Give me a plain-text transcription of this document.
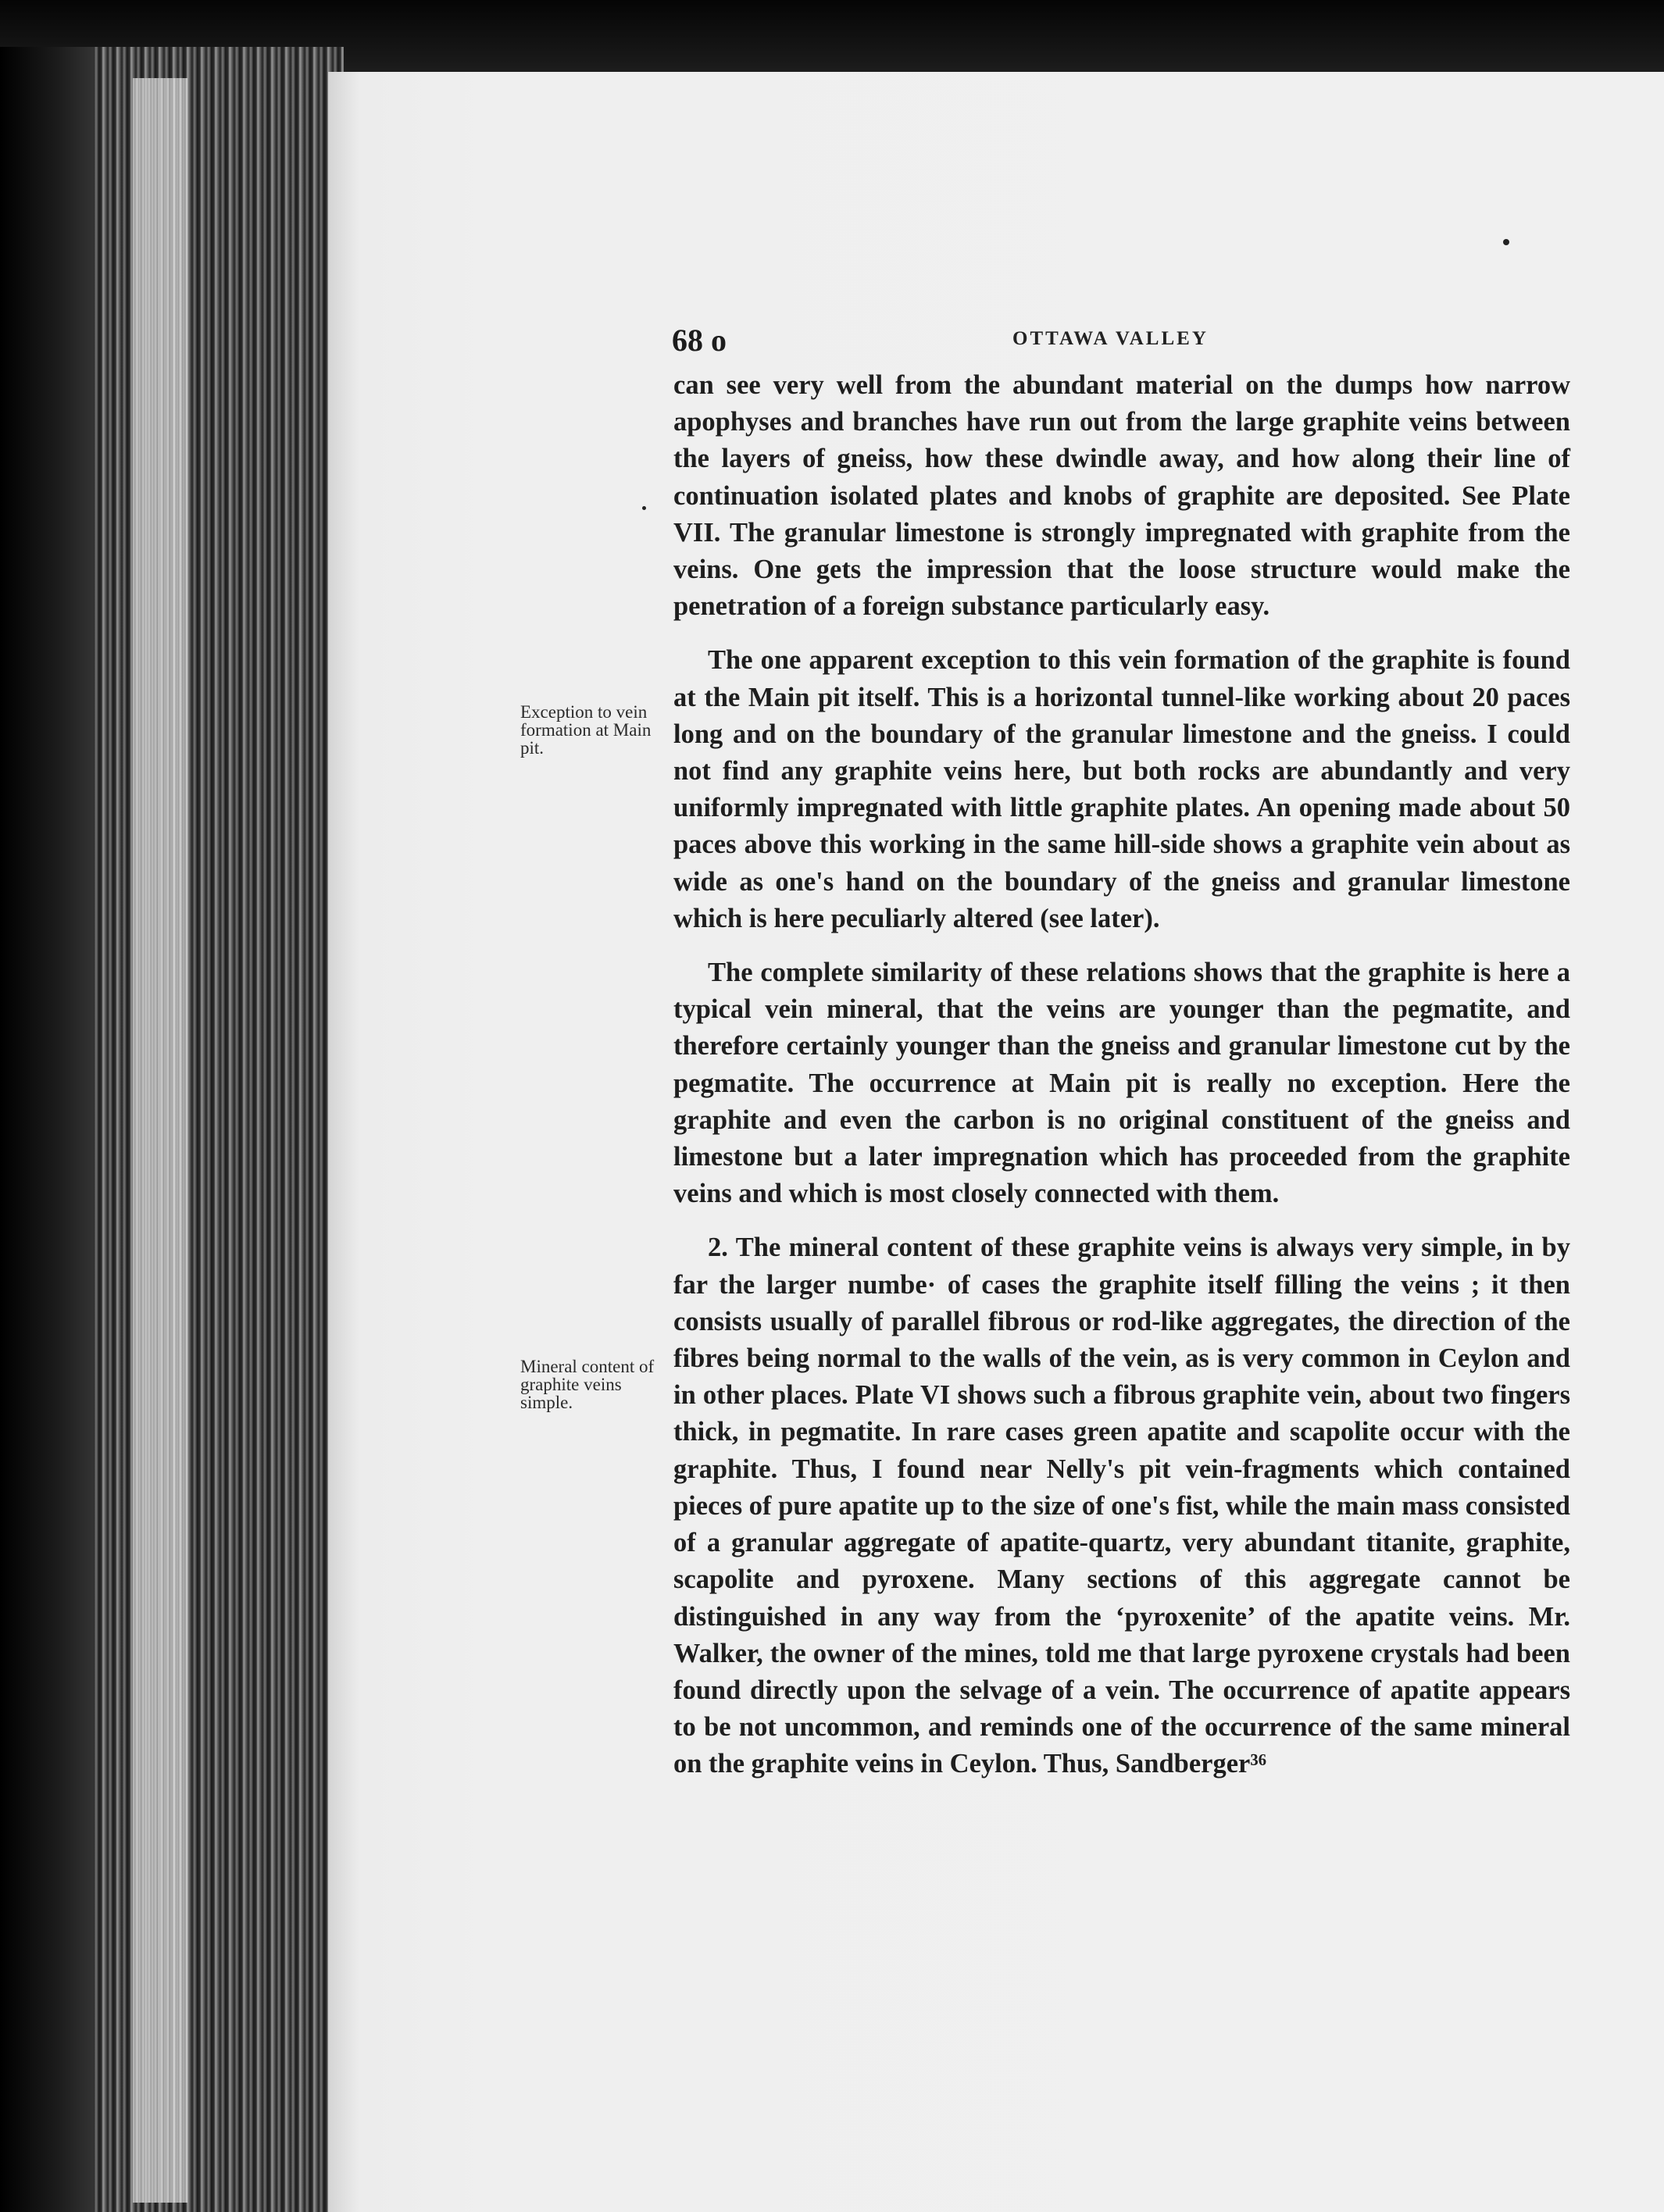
68 o	OTTAWA VALLEY
Exception to vein formation at Main pit.
Mineral content of graphite veins simple.

can see very well from the abundant material on the dumps how narrow apophyses and branches have run out from the large graphite veins between the layers of gneiss, how these dwindle away, and how along their line of continuation isolated plates and knobs of graphite are deposited. See Plate VII. The granular limestone is strongly impregnated with graphite from the veins. One gets the impression that the loose structure would make the penetration of a foreign substance particularly easy.

The one apparent exception to this vein formation of the graphite is found at the Main pit itself. This is a horizontal tunnel-like working about 20 paces long and on the boundary of the granular limestone and the gneiss. I could not find any graphite veins here, but both rocks are abundantly and very uniformly impregnated with little graphite plates. An opening made about 50 paces above this working in the same hill-side shows a graphite vein about as wide as one's hand on the boundary of the gneiss and granular limestone which is here peculiarly altered (see later).

The complete similarity of these relations shows that the graphite is here a typical vein mineral, that the veins are younger than the pegmatite, and therefore certainly younger than the gneiss and granular limestone cut by the pegmatite. The occurrence at Main pit is really no exception. Here the graphite and even the carbon is no original constituent of the gneiss and limestone but a later impregnation which has proceeded from the graphite veins and which is most closely connected with them.

2. The mineral content of these graphite veins is always very simple, in by far the larger numbe· of cases the graphite itself filling the veins ; it then consists usually of parallel fibrous or rod-like aggregates, the direction of the fibres being normal to the walls of the vein, as is very common in Ceylon and in other places. Plate VI shows such a fibrous graphite vein, about two fingers thick, in pegmatite. In rare cases green apatite and scapolite occur with the graphite. Thus, I found near Nelly's pit vein-fragments which contained pieces of pure apatite up to the size of one's fist, while the main mass consisted of a granular aggregate of apatite-quartz, very abundant titanite, graphite, scapolite and pyroxene. Many sections of this aggregate cannot be distinguished in any way from the ‘pyroxenite’ of the apatite veins. Mr. Walker, the owner of the mines, told me that large pyroxene crystals had been found directly upon the selvage of a vein. The occurrence of apatite appears to be not uncommon, and reminds one of the occurrence of the same mineral on the graphite veins in Ceylon. Thus, Sandberger³⁶
